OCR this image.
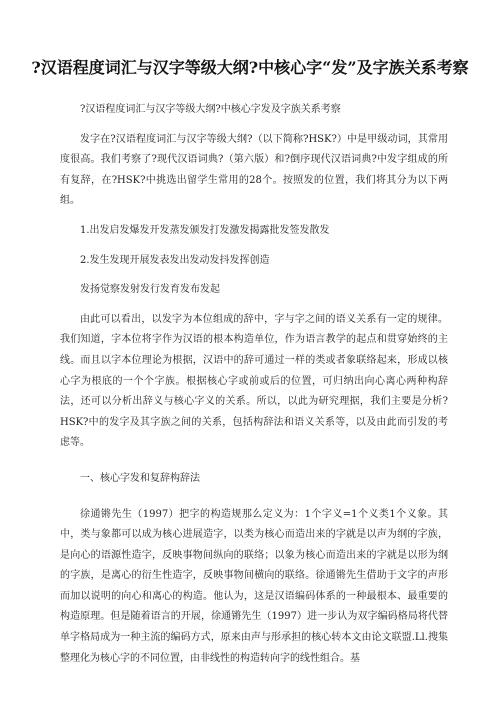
?汉语程度词汇与汉字等级大纲?中核心字“发”及字族关系考察

?汉语程度词汇与汉字等级大纲?中核心字发及字族关系考察

发字在?汉语程度词汇与汉字等级大纲?（以下简称?HSK?）中是甲级动词，其常用度很高。我们考察了?现代汉语词典?（第六版）和?倒序现代汉语词典?中发字组成的所有复辞，在?HSK?中挑选出留学生常用的28个。按照发的位置，我们将其分为以下两组。

1.出发启发爆发开发蒸发颁发打发激发揭露批发签发散发

2.发生发现开展发表发出发动发抖发挥创造

发扬觉察发射发行发育发布发起

由此可以看出，以发字为本位组成的辞中，字与字之间的语义关系有一定的规律。我们知道，字本位将字作为汉语的根本构造单位，作为语言教学的起点和贯穿始终的主线。而且以字本位理论为根据，汉语中的辞可通过一样的类或者象联络起来，形成以核心字为根底的一个个字族。根据核心字或前或后的位置，可归纳出向心离心两种构辞法，还可以分析出辞义与核心字义的关系。所以，以此为研究理据，我们主要是分析?HSK?中的发字及其字族之间的关系，包括构辞法和语义关系等，以及由此而引发的考虑等。

一、核心字发和复辞构辞法

徐通锵先生（1997）把字的构造规那么定义为：1个字义=1个义类1个义象。其中，类与象都可以成为核心进展造字，以类为核心而造出来的字就是以声为纲的字族，是向心的语源性造字，反映事物间纵向的联络；以象为核心而造出来的字就是以形为纲的字族，是离心的衍生性造字，反映事物间横向的联络。徐通锵先生借助于文字的声形而加以说明的向心和离心的构造。他认为，这是汉语编码体系的一种最根本、最重要的构造原理。但是随着语言的开展，徐通锵先生（1997）进一步认为双字编码格局将代替单字格局成为一种主流的编码方式，原来由声与形承担的核心转本文由论文联盟.Ll.搜集整理化为核心字的不同位置，由非线性的构造转向字的线性组合。基
